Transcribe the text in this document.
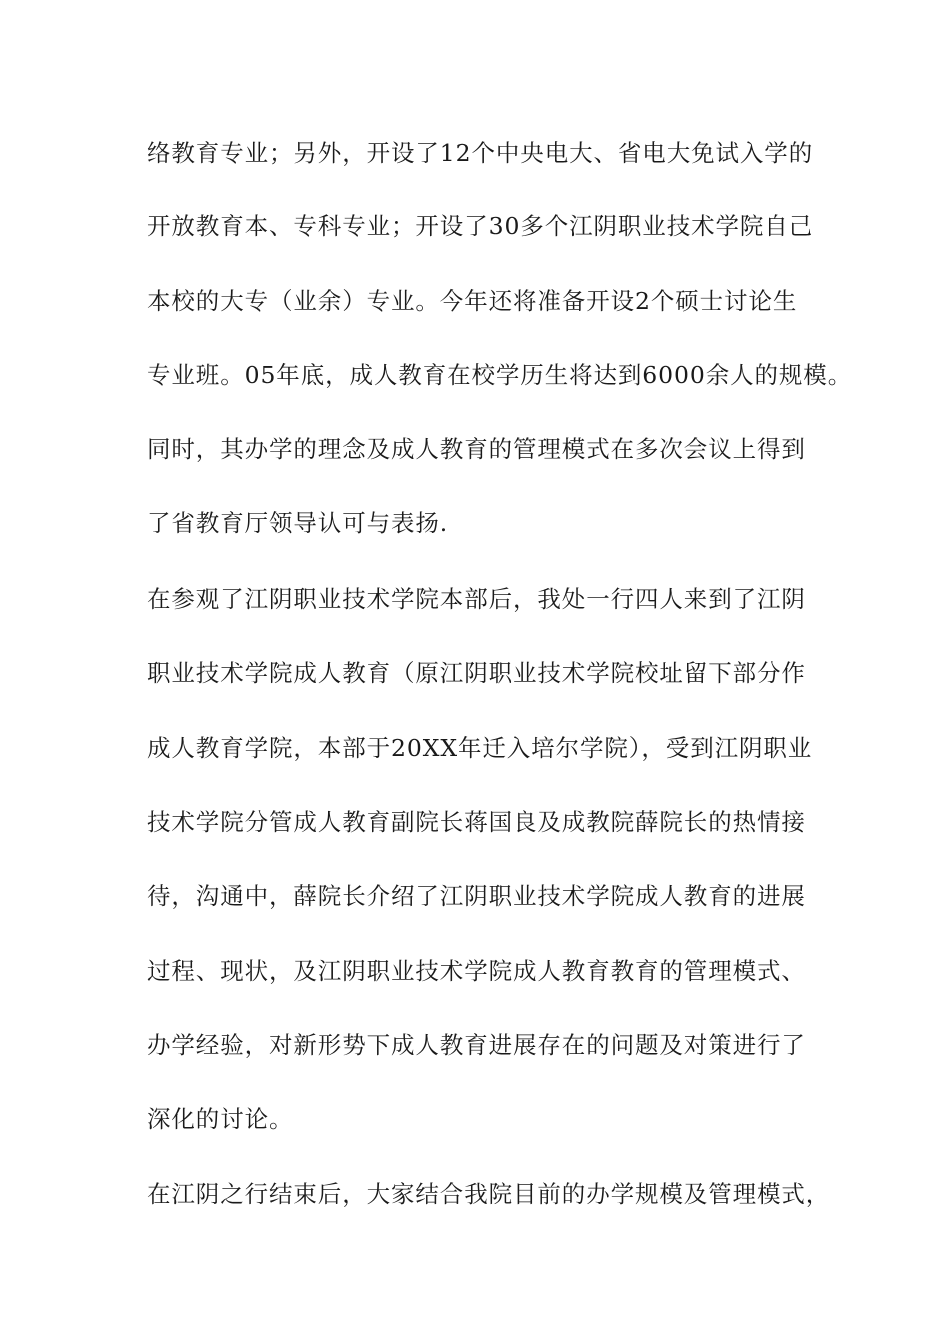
络教育专业；另外，开设了12个中央电大、省电大免试入学的
开放教育本、专科专业；开设了30多个江阴职业技术学院自己
本校的大专（业余）专业。今年还将准备开设2个硕士讨论生
专业班。05年底，成人教育在校学历生将达到6000余人的规模。
同时，其办学的理念及成人教育的管理模式在多次会议上得到
了省教育厅领导认可与表扬.
在参观了江阴职业技术学院本部后，我处一行四人来到了江阴
职业技术学院成人教育（原江阴职业技术学院校址留下部分作
成人教育学院，本部于20XX年迁入培尔学院），受到江阴职业
技术学院分管成人教育副院长蒋国良及成教院薛院长的热情接
待，沟通中，薛院长介绍了江阴职业技术学院成人教育的进展
过程、现状，及江阴职业技术学院成人教育教育的管理模式、
办学经验，对新形势下成人教育进展存在的问题及对策进行了
深化的讨论。
在江阴之行结束后，大家结合我院目前的办学规模及管理模式，
